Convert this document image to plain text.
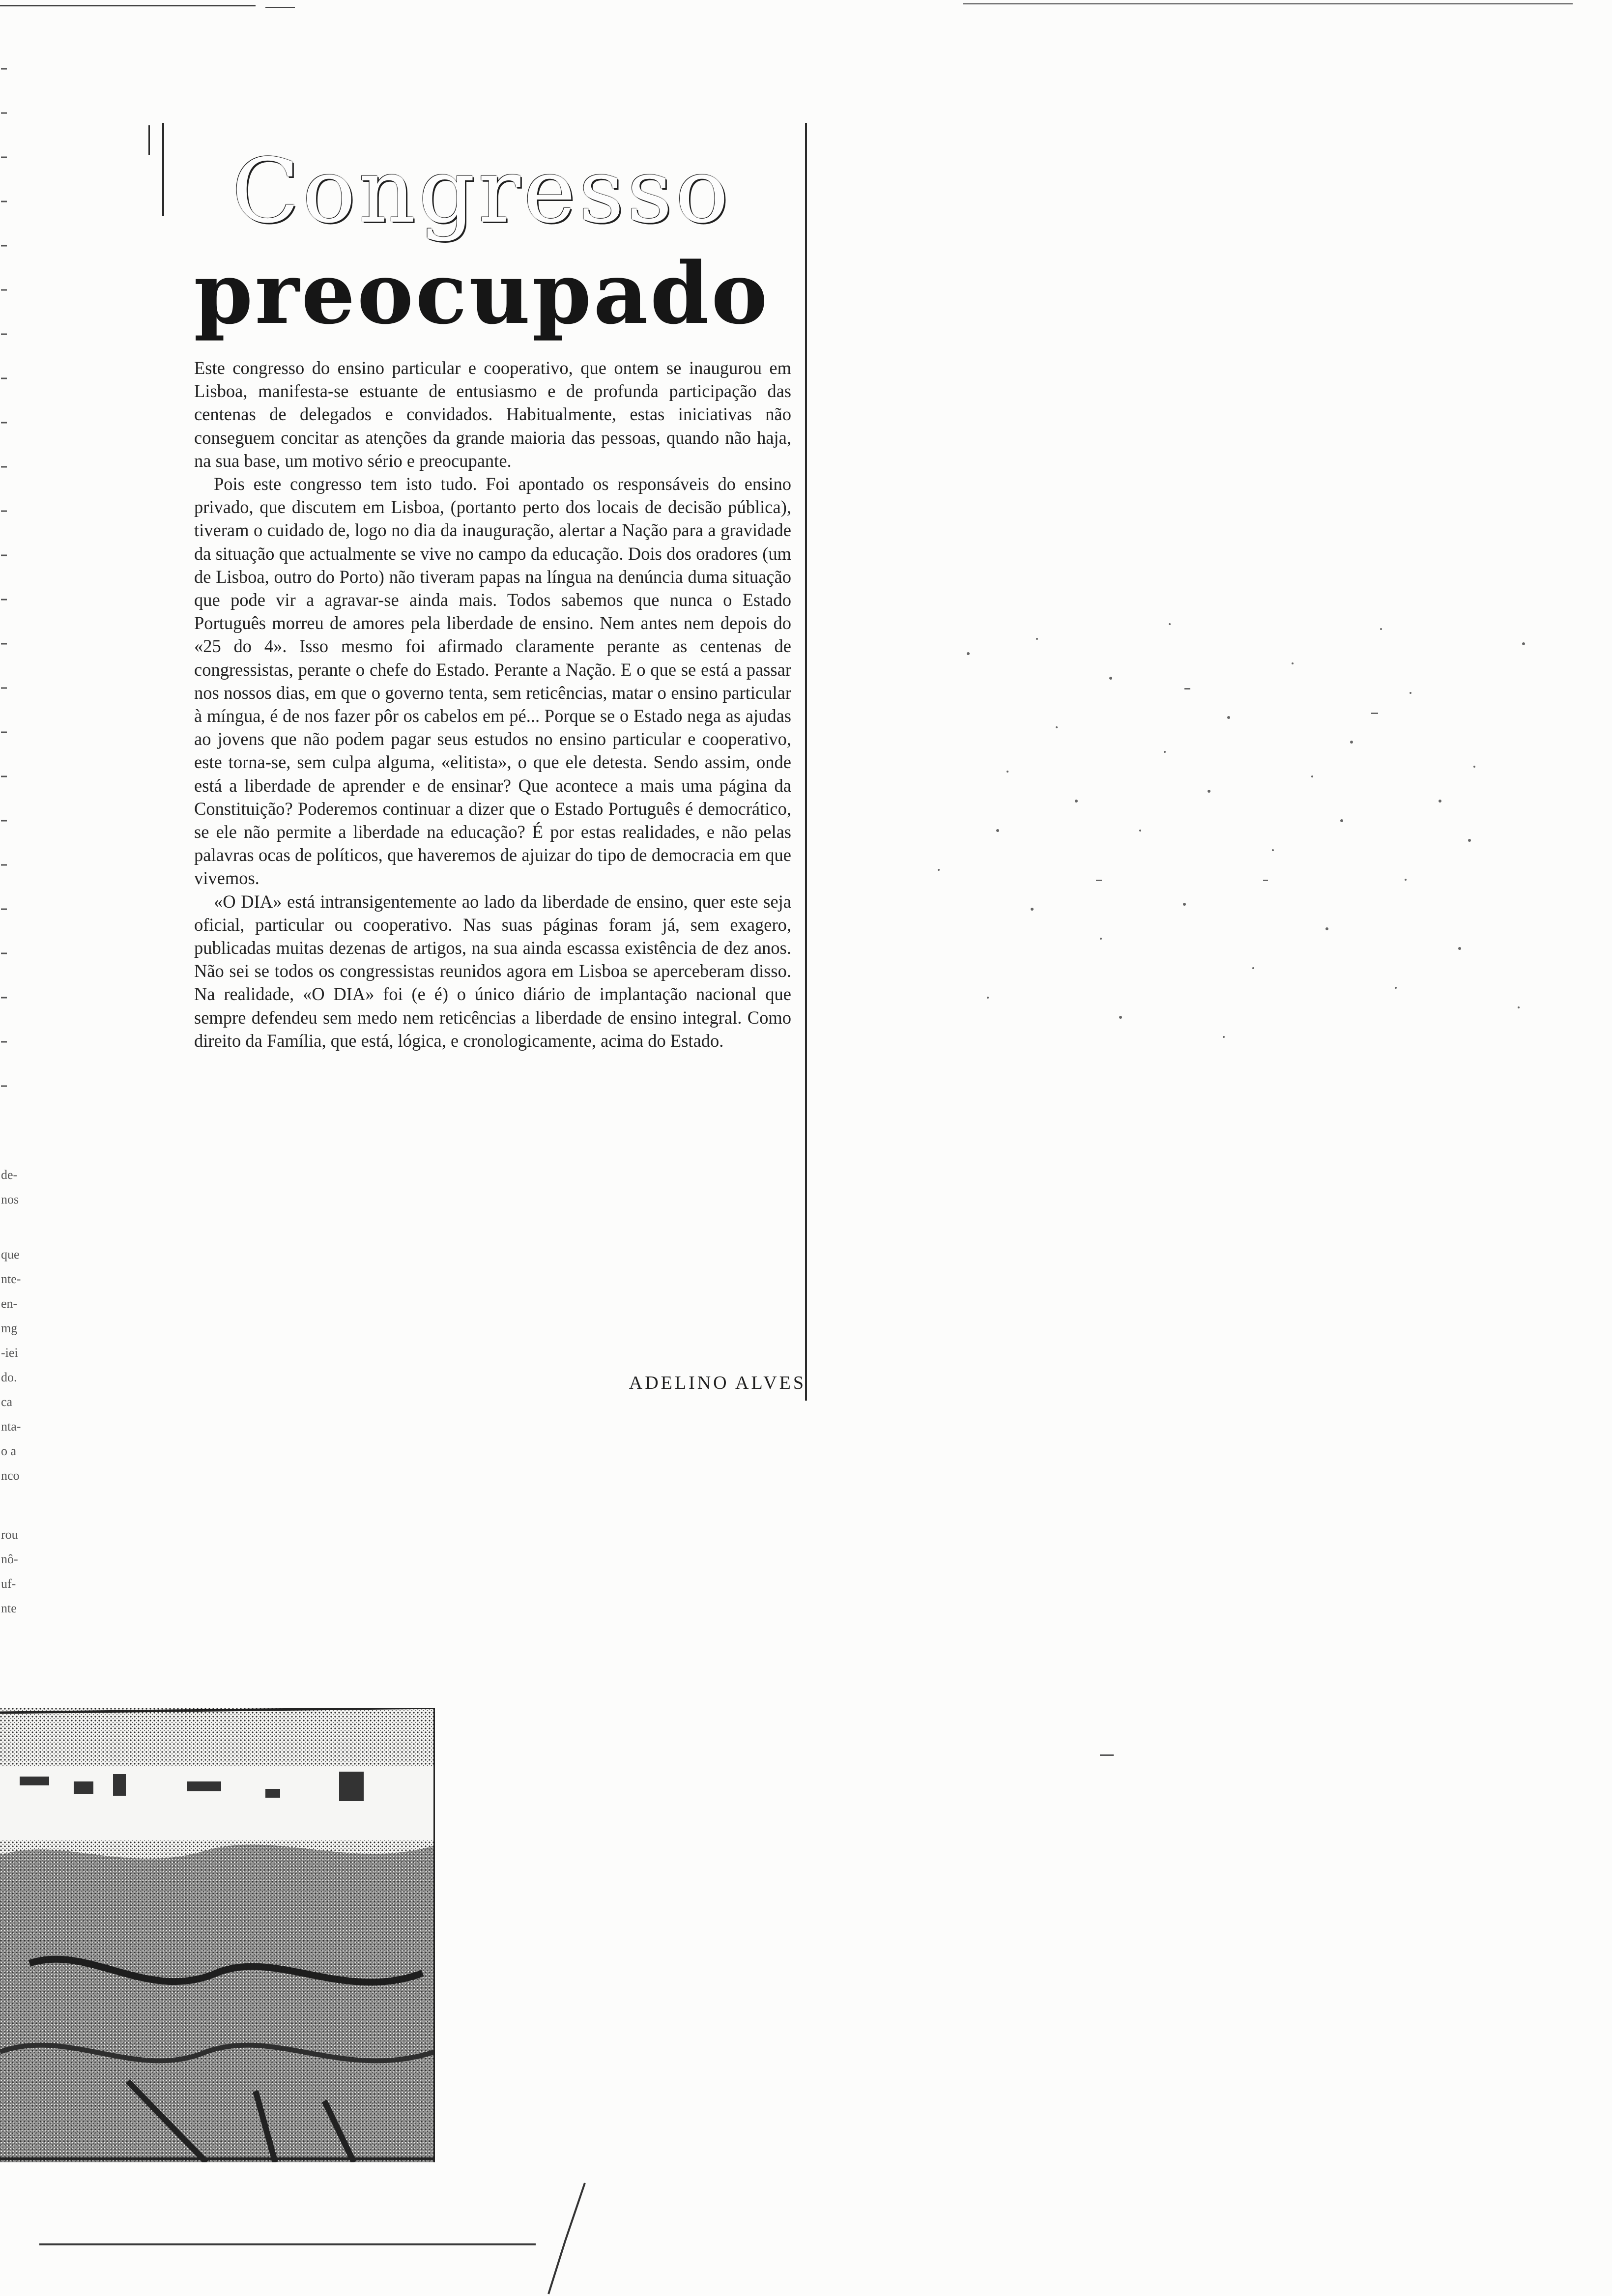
de-
nos
que
nte-
en-
mg
-iei
do.
ca
nta-
o a
nco
rou
nô-
uf-
nte
Congresso
preocupado

Este congresso do ensino particular e cooperativo, que ontem se inaugurou em Lisboa, manifesta-se estuante de entusiasmo e de profunda participação das centenas de delegados e convidados. Habitualmente, estas iniciativas não conseguem concitar as atenções da grande maioria das pessoas, quando não haja, na sua base, um motivo sério e preocupante.

Pois este congresso tem isto tudo. Foi apontado os responsáveis do ensino privado, que discutem em Lisboa, (portanto perto dos locais de decisão pública), tiveram o cuidado de, logo no dia da inauguração, alertar a Nação para a gravidade da situação que actualmente se vive no campo da educação. Dois dos oradores (um de Lisboa, outro do Porto) não tiveram papas na língua na denúncia duma situação que pode vir a agravar-se ainda mais. Todos sabemos que nunca o Estado Português morreu de amores pela liberdade de ensino. Nem antes nem depois do «25 do 4». Isso mesmo foi afirmado claramente perante as centenas de congressistas, perante o chefe do Estado. Perante a Nação. E o que se está a passar nos nossos dias, em que o governo tenta, sem reticências, matar o ensino particular à míngua, é de nos fazer pôr os cabelos em pé... Porque se o Estado nega as ajudas ao jovens que não podem pagar seus estudos no ensino particular e cooperativo, este torna-se, sem culpa alguma, «elitista», o que ele detesta. Sendo assim, onde está a liberdade de aprender e de ensinar? Que acontece a mais uma página da Constituição? Poderemos continuar a dizer que o Estado Português é democrático, se ele não permite a liberdade na educação? É por estas realidades, e não pelas palavras ocas de políticos, que haveremos de ajuizar do tipo de democracia em que vivemos.

«O DIA» está intransigentemente ao lado da liberdade de ensino, quer este seja oficial, particular ou cooperativo. Nas suas páginas foram já, sem exagero, publicadas muitas dezenas de artigos, na sua ainda escassa existência de dez anos. Não sei se todos os congressistas reunidos agora em Lisboa se aperceberam disso. Na realidade, «O DIA» foi (e é) o único diário de implantação nacional que sempre defendeu sem medo nem reticências a liberdade de ensino integral. Como direito da Família, que está, lógica, e cronologicamente, acima do Estado.

ADELINO ALVES
